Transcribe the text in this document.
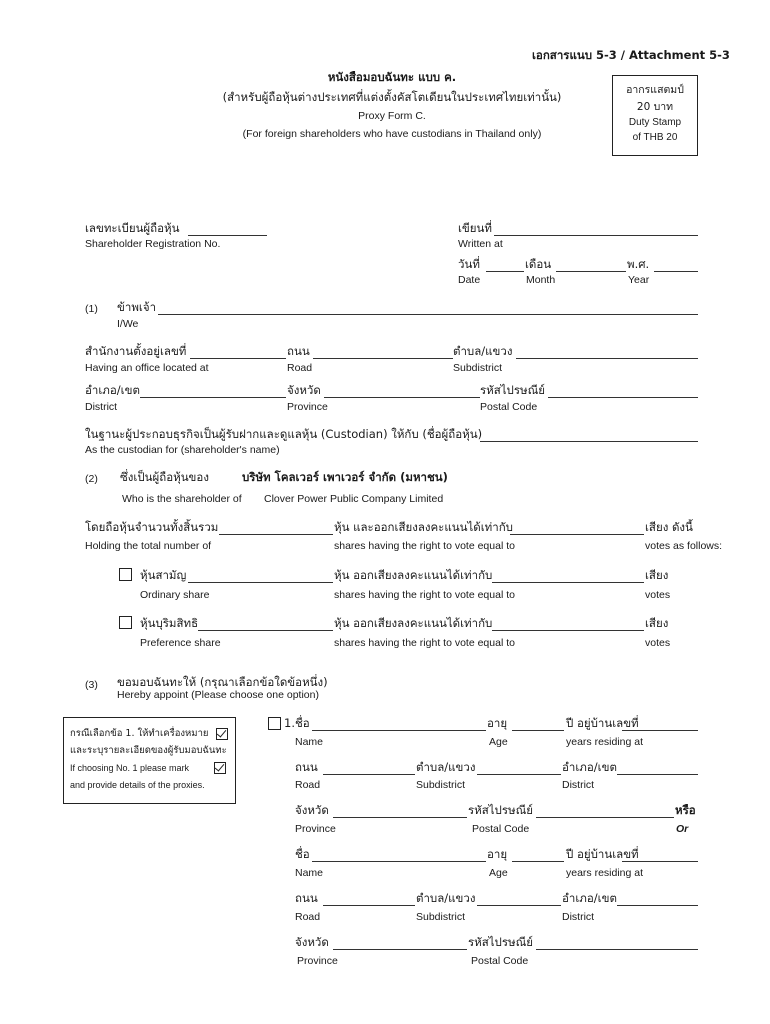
เอกสารแนบ 5-3 / Attachment 5-3
หนังสือมอบฉันทะ แบบ ค.
(สำหรับผู้ถือหุ้นต่างประเทศที่แต่งตั้งคัสโตเดียนในประเทศไทยเท่านั้น)
Proxy Form C.
(For foreign shareholders who have custodians in Thailand only)
อากรแสตมป์
20 บาท
Duty Stamp
of THB 20
เลขทะเบียนผู้ถือหุ้น
Shareholder Registration No.
เขียนที่
Written at
วันที่	เดือน	พ.ศ.
Date	Month	Year
(1) ข้าพเจ้า
I/We
สำนักงานตั้งอยู่เลขที่	ถนน	ตำบล/แขวง
Having an office located at	Road	Subdistrict
อำเภอ/เขต	จังหวัด	รหัสไปรษณีย์
District	Province	Postal Code
ในฐานะผู้ประกอบธุรกิจเป็นผู้รับฝากและดูแลหุ้น (Custodian) ให้กับ (ชื่อผู้ถือหุ้น)
As the custodian for (shareholder's name)
(2) ซึ่งเป็นผู้ถือหุ้นของ	บริษัท โคลเวอร์ เพาเวอร์ จำกัด (มหาชน)
Who is the shareholder of Clover Power Public Company Limited
โดยถือหุ้นจำนวนทั้งสิ้นรวม	หุ้น และออกเสียงลงคะแนนได้เท่ากับ	เสียง ดังนี้
Holding the total number of	shares having the right to vote equal to	votes as follows:
หุ้นสามัญ	หุ้น ออกเสียงลงคะแนนได้เท่ากับ	เสียง
Ordinary share	shares having the right to vote equal to	votes
หุ้นบุริมสิทธิ	หุ้น ออกเสียงลงคะแนนได้เท่ากับ	เสียง
Preference share	shares having the right to vote equal to	votes
(3) ขอมอบฉันทะให้ (กรุณาเลือกข้อใดข้อหนึ่ง)
Hereby appoint (Please choose one option)
กรณีเลือกข้อ 1. ให้ทำเครื่องหมาย
และระบุรายละเอียดของผู้รับมอบฉันทะ
If choosing No. 1 please mark
and provide details of the proxies.
1.ชื่อ	อายุ	ปี อยู่บ้านเลขที่
Name	Age	years residing at
ถนน	ตำบล/แขวง	อำเภอ/เขต
Road	Subdistrict	District
จังหวัด	รหัสไปรษณีย์	หรือ
Province	Postal Code	Or
ชื่อ	อายุ	ปี อยู่บ้านเลขที่
Name	Age	years residing at
ถนน	ตำบล/แขวง	อำเภอ/เขต
Road	Subdistrict	District
จังหวัด	รหัสไปรษณีย์
Province	Postal Code
